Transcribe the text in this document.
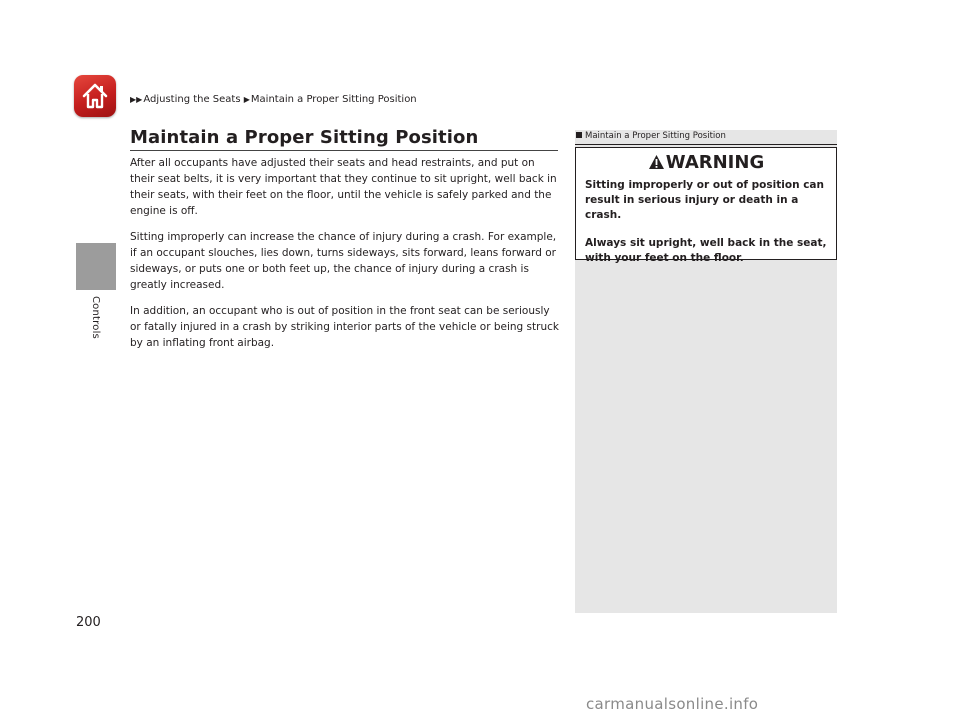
Controls
▶▶Adjusting the Seats ▶Maintain a Proper Sitting Position
Maintain a Proper Sitting Position

After all occupants have adjusted their seats and head restraints, and put on their seat belts, it is very important that they continue to sit upright, well back in their seats, with their feet on the floor, until the vehicle is safely parked and the engine is off.

Sitting improperly can increase the chance of injury during a crash. For example, if an occupant slouches, lies down, turns sideways, sits forward, leans forward or sideways, or puts one or both feet up, the chance of injury during a crash is greatly increased.

In addition, an occupant who is out of position in the front seat can be seriously or fatally injured in a crash by striking interior parts of the vehicle or being struck by an inflating front airbag.

Maintain a Proper Sitting Position
WARNING

Sitting improperly or out of position can result in serious injury or death in a crash.

Always sit upright, well back in the seat, with your feet on the floor.

200
carmanualsonline.info
